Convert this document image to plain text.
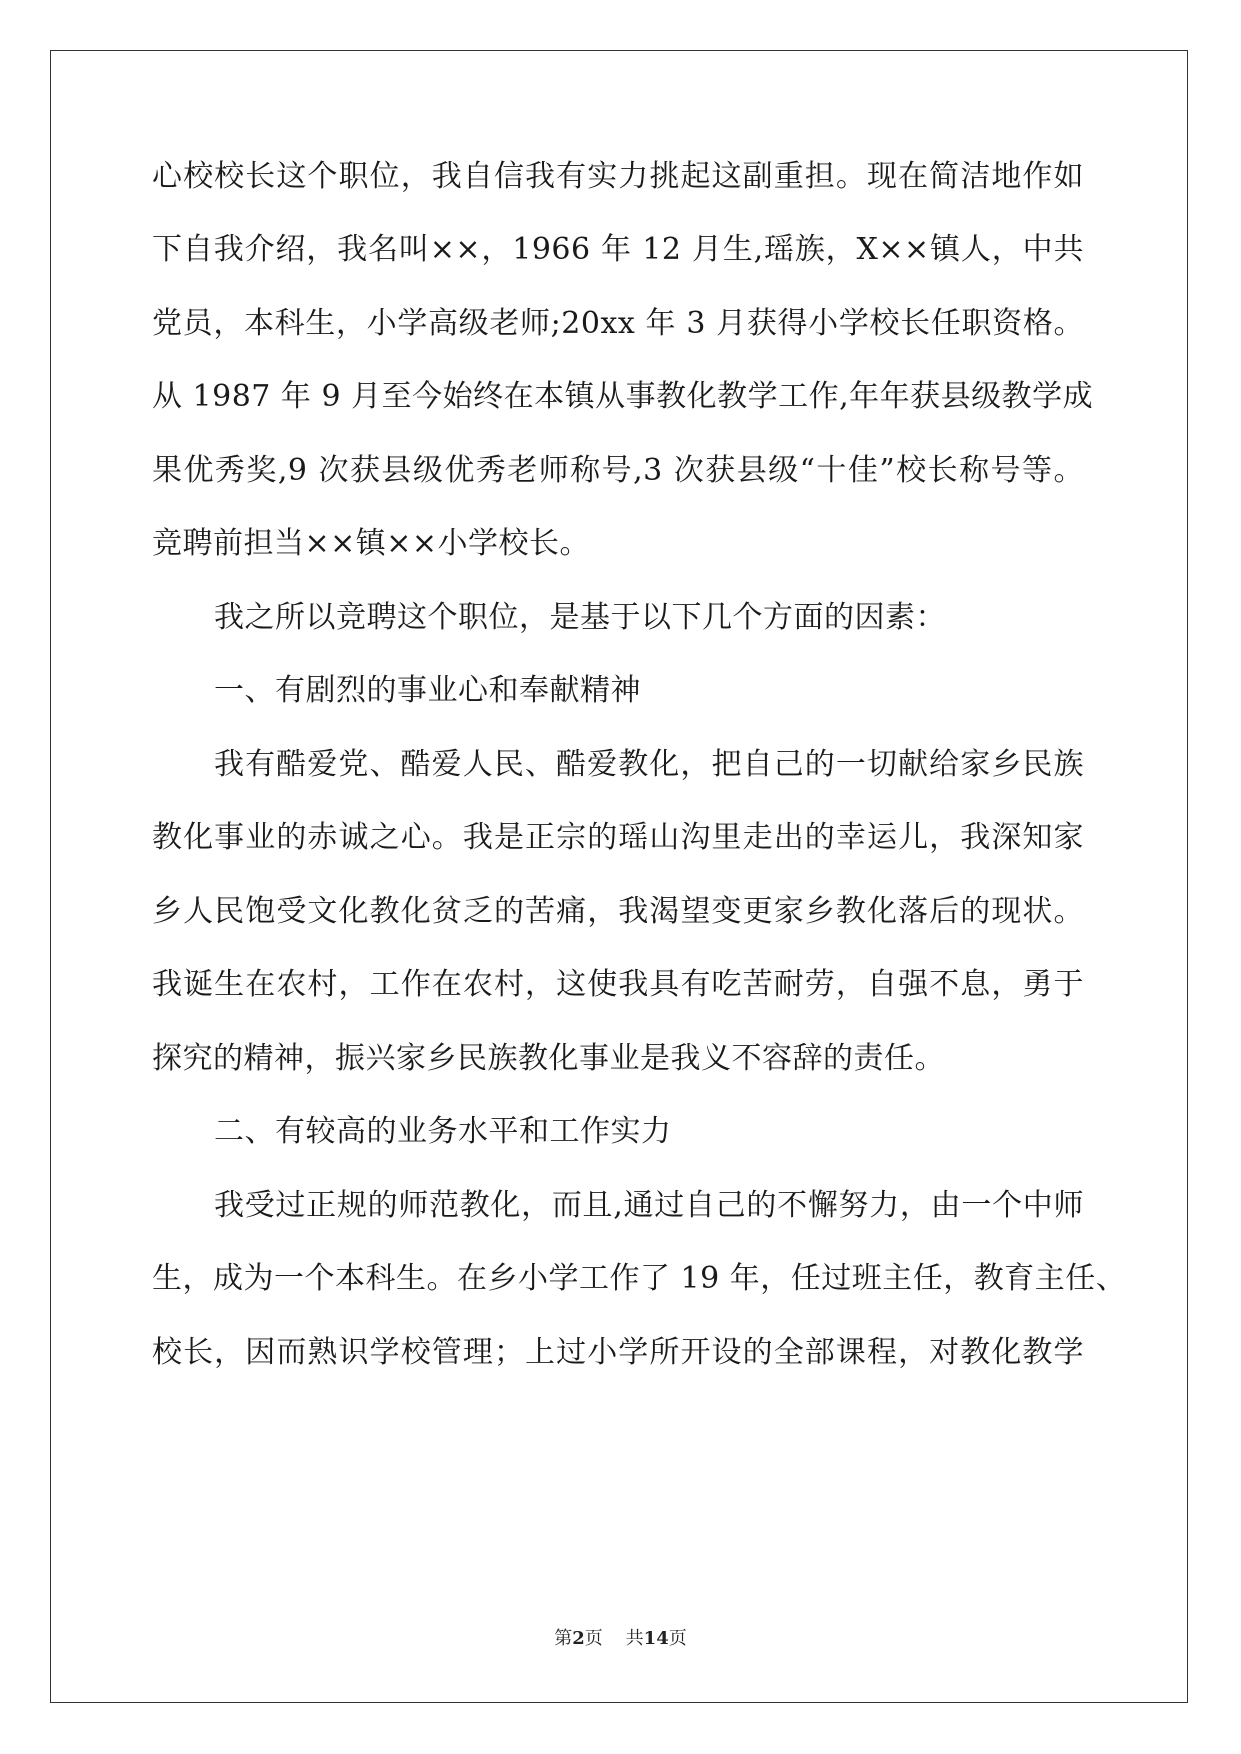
心校校长这个职位，我自信我有实力挑起这副重担。现在简洁地作如
下自我介绍，我名叫××，1966 年 12 月生,瑶族，X××镇人，中共
党员，本科生，小学高级老师;20xx 年 3 月获得小学校长任职资格。
从 1987 年 9 月至今始终在本镇从事教化教学工作,年年获县级教学成
果优秀奖,9 次获县级优秀老师称号,3 次获县级“十佳”校长称号等。
竞聘前担当××镇××小学校长。
我之所以竞聘这个职位，是基于以下几个方面的因素：
一、有剧烈的事业心和奉献精神
我有酷爱党、酷爱人民、酷爱教化，把自己的一切献给家乡民族
教化事业的赤诚之心。我是正宗的瑶山沟里走出的幸运儿，我深知家
乡人民饱受文化教化贫乏的苦痛，我渴望变更家乡教化落后的现状。
我诞生在农村，工作在农村，这使我具有吃苦耐劳，自强不息，勇于
探究的精神，振兴家乡民族教化事业是我义不容辞的责任。
二、有较高的业务水平和工作实力
我受过正规的师范教化，而且,通过自己的不懈努力，由一个中师
生，成为一个本科生。在乡小学工作了 19 年，任过班主任，教育主任、
校长，因而熟识学校管理；上过小学所开设的全部课程，对教化教学
第2页 共14页
